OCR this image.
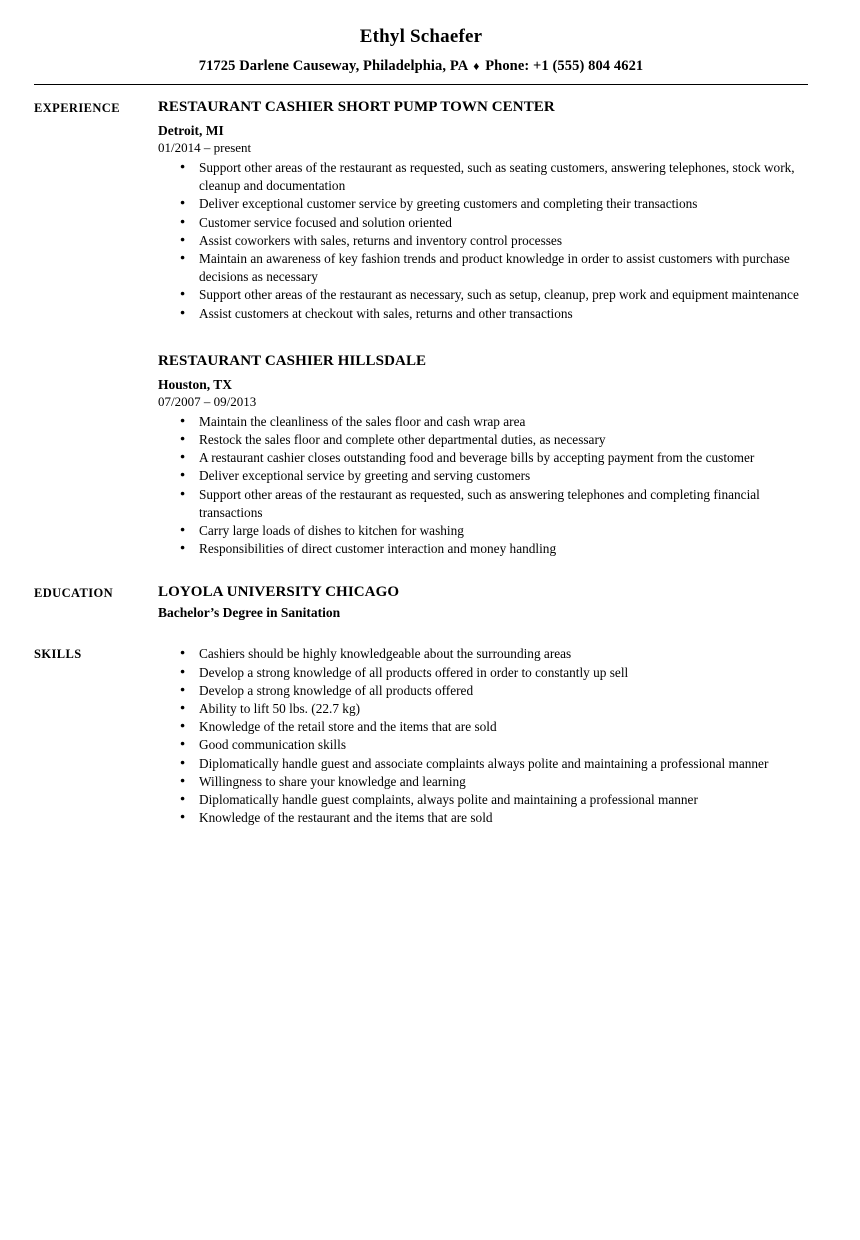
Ethyl Schaefer
71725 Darlene Causeway, Philadelphia, PA ♦ Phone: +1 (555) 804 4621
EXPERIENCE	RESTAURANT CASHIER SHORT PUMP TOWN CENTER
Detroit, MI
01/2014 – present
● Support other areas of the restaurant as requested, such as seating customers, answering telephones, stock work, cleanup and documentation
● Deliver exceptional customer service by greeting customers and completing their transactions
● Customer service focused and solution oriented
● Assist coworkers with sales, returns and inventory control processes
● Maintain an awareness of key fashion trends and product knowledge in order to assist customers with purchase decisions as necessary
● Support other areas of the restaurant as necessary, such as setup, cleanup, prep work and equipment maintenance
● Assist customers at checkout with sales, returns and other transactions
RESTAURANT CASHIER HILLSDALE
Houston, TX
07/2007 – 09/2013
● Maintain the cleanliness of the sales floor and cash wrap area
● Restock the sales floor and complete other departmental duties, as necessary
● A restaurant cashier closes outstanding food and beverage bills by accepting payment from the customer
● Deliver exceptional service by greeting and serving customers
● Support other areas of the restaurant as requested, such as answering telephones and completing financial transactions
● Carry large loads of dishes to kitchen for washing
● Responsibilities of direct customer interaction and money handling
EDUCATION	LOYOLA UNIVERSITY CHICAGO
Bachelor’s Degree in Sanitation
SKILLS	● Cashiers should be highly knowledgeable about the surrounding areas
● Develop a strong knowledge of all products offered in order to constantly up sell
● Develop a strong knowledge of all products offered
● Ability to lift 50 lbs. (22.7 kg)
● Knowledge of the retail store and the items that are sold
● Good communication skills
● Diplomatically handle guest and associate complaints always polite and maintaining a professional manner
● Willingness to share your knowledge and learning
● Diplomatically handle guest complaints, always polite and maintaining a professional manner
● Knowledge of the restaurant and the items that are sold
